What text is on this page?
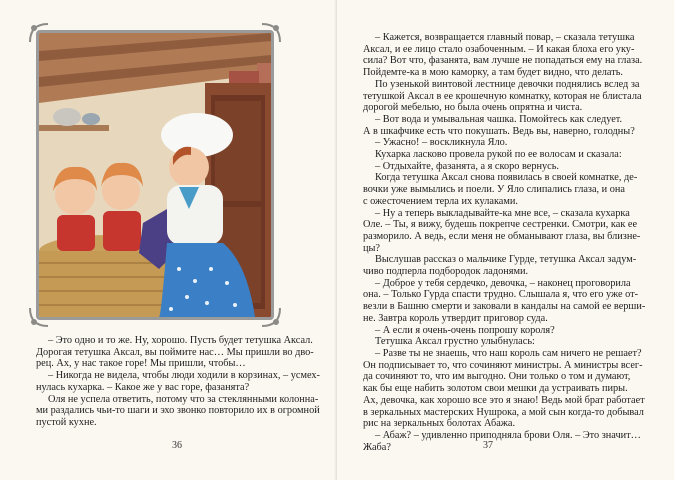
– Это одно и то же. Ну, хорошо. Пусть будет тетушка Аксал.

Дорогая тетушка Аксал, вы поймите нас… Мы пришли во дво-

рец. Ах, у нас такое горе! Мы пришли, чтобы…

– Никогда не видела, чтобы люди ходили в корзинах, – усмех-

нулась кухарка. – Какое же у вас горе, фазанята?

Оля не успела ответить, потому что за стеклянными колонна-

ми раздались чьи-то шаги и эхо звонко повторило их в огромной

пустой кухне.

36

– Кажется, возвращается главный повар, – сказала тетушка

Аксал, и ее лицо стало озабоченным. – И какая блоха его уку-

сила? Вот что, фазанята, вам лучше не попадаться ему на глаза.

Пойдемте-ка в мою каморку, а там будет видно, что делать.

По узенькой винтовой лестнице девочки поднялись вслед за

тетушкой Аксал в ее крошечную комнатку, которая не блистала

дорогой мебелью, но была очень опрятна и чиста.

– Вот вода и умывальная чашка. Помойтесь как следует.

А в шкафчике есть что покушать. Ведь вы, наверно, голодны?

– Ужасно! – воскликнула Яло.

Кухарка ласково провела рукой по ее волосам и сказала:

– Отдыхайте, фазанята, а я скоро вернусь.

Когда тетушка Аксал снова появилась в своей комнатке, де-

вочки уже вымылись и поели. У Яло слипались глаза, и она

с ожесточением терла их кулаками.

– Ну а теперь выкладывайте-ка мне все, – сказала кухарка

Оле. – Ты, я вижу, будешь покрепче сестренки. Смотри, как ее

разморило. А ведь, если меня не обманывают глаза, вы близне-

цы?

Выслушав рассказ о мальчике Гурде, тетушка Аксал задум-

чиво подперла подбородок ладонями.

– Доброе у тебя сердечко, девочка, – наконец проговорила

она. – Только Гурда спасти трудно. Слышала я, что его уже от-

везли в Башню смерти и заковали в кандалы на самой ее верши-

не. Завтра король утвердит приговор суда.

– А если я очень-очень попрошу короля?

Тетушка Аксал грустно улыбнулась:

– Разве ты не знаешь, что наш король сам ничего не решает?

Он подписывает то, что сочиняют министры. А министры всег-

да сочиняют то, что им выгодно. Они только о том и думают,

как бы еще набить золотом свои мешки да устраивать пиры.

Ах, девочка, как хорошо все это я знаю! Ведь мой брат работает

в зеркальных мастерских Нушрока, а мой сын когда-то добывал

рис на зеркальных болотах Абажа.

– Абаж? – удивленно приподняла брови Оля. – Это значит…

Жаба?	37
